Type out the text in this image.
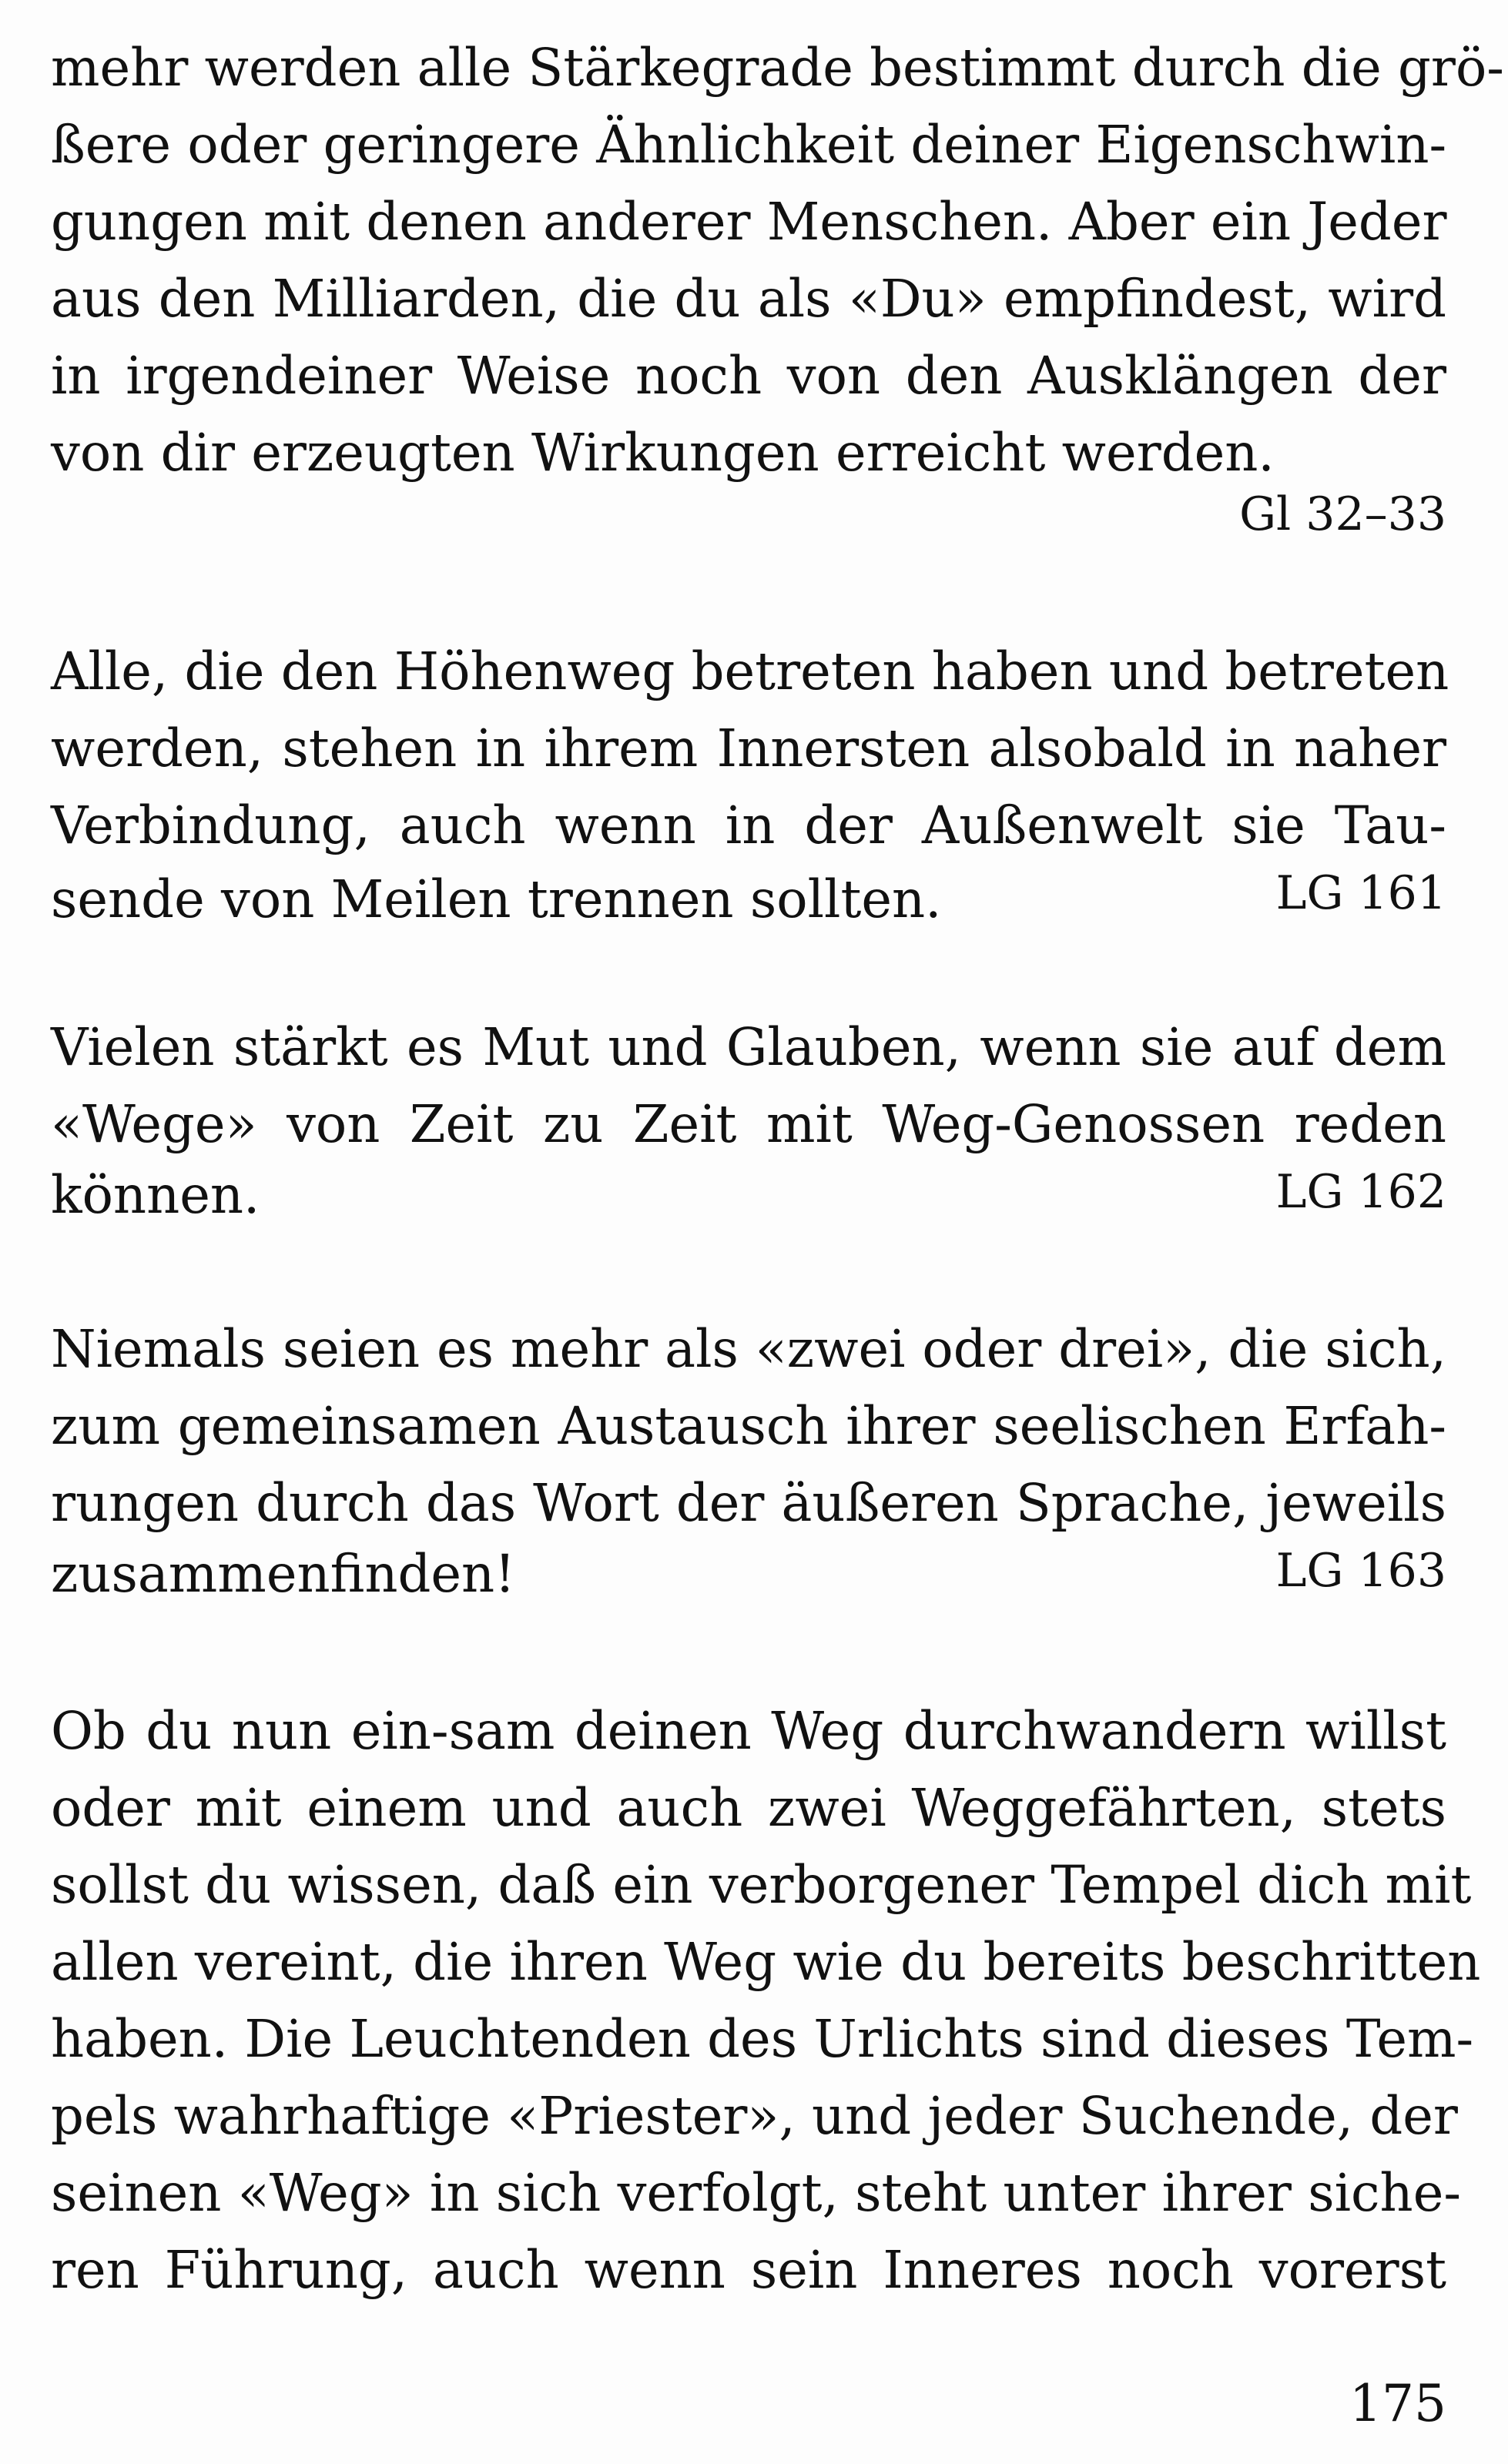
mehr werden alle Stärkegrade bestimmt durch die grö-
ßere oder geringere Ähnlichkeit deiner Eigenschwin-
gungen mit denen anderer Menschen. Aber ein Jeder
aus den Milliarden, die du als «Du» empfindest, wird
in irgendeiner Weise noch von den Ausklängen der
von dir erzeugten Wirkungen erreicht werden.
Gl 32–33
Alle, die den Höhenweg betreten haben und betreten
werden, stehen in ihrem Innersten alsobald in naher
Verbindung, auch wenn in der Außenwelt sie Tau-
sende von Meilen trennen sollten.	LG 161
Vielen stärkt es Mut und Glauben, wenn sie auf dem
«Wege» von Zeit zu Zeit mit Weg-Genossen reden
können.	LG 162
Niemals seien es mehr als «zwei oder drei», die sich,
zum gemeinsamen Austausch ihrer seelischen Erfah-
rungen durch das Wort der äußeren Sprache, jeweils
zusammenfinden!	LG 163
Ob du nun ein-sam deinen Weg durchwandern willst
oder mit einem und auch zwei Weggefährten, stets
sollst du wissen, daß ein verborgener Tempel dich mit
allen vereint, die ihren Weg wie du bereits beschritten
haben. Die Leuchtenden des Urlichts sind dieses Tem-
pels wahrhaftige «Priester», und jeder Suchende, der
seinen «Weg» in sich verfolgt, steht unter ihrer siche-
ren Führung, auch wenn sein Inneres noch vorerst
175
